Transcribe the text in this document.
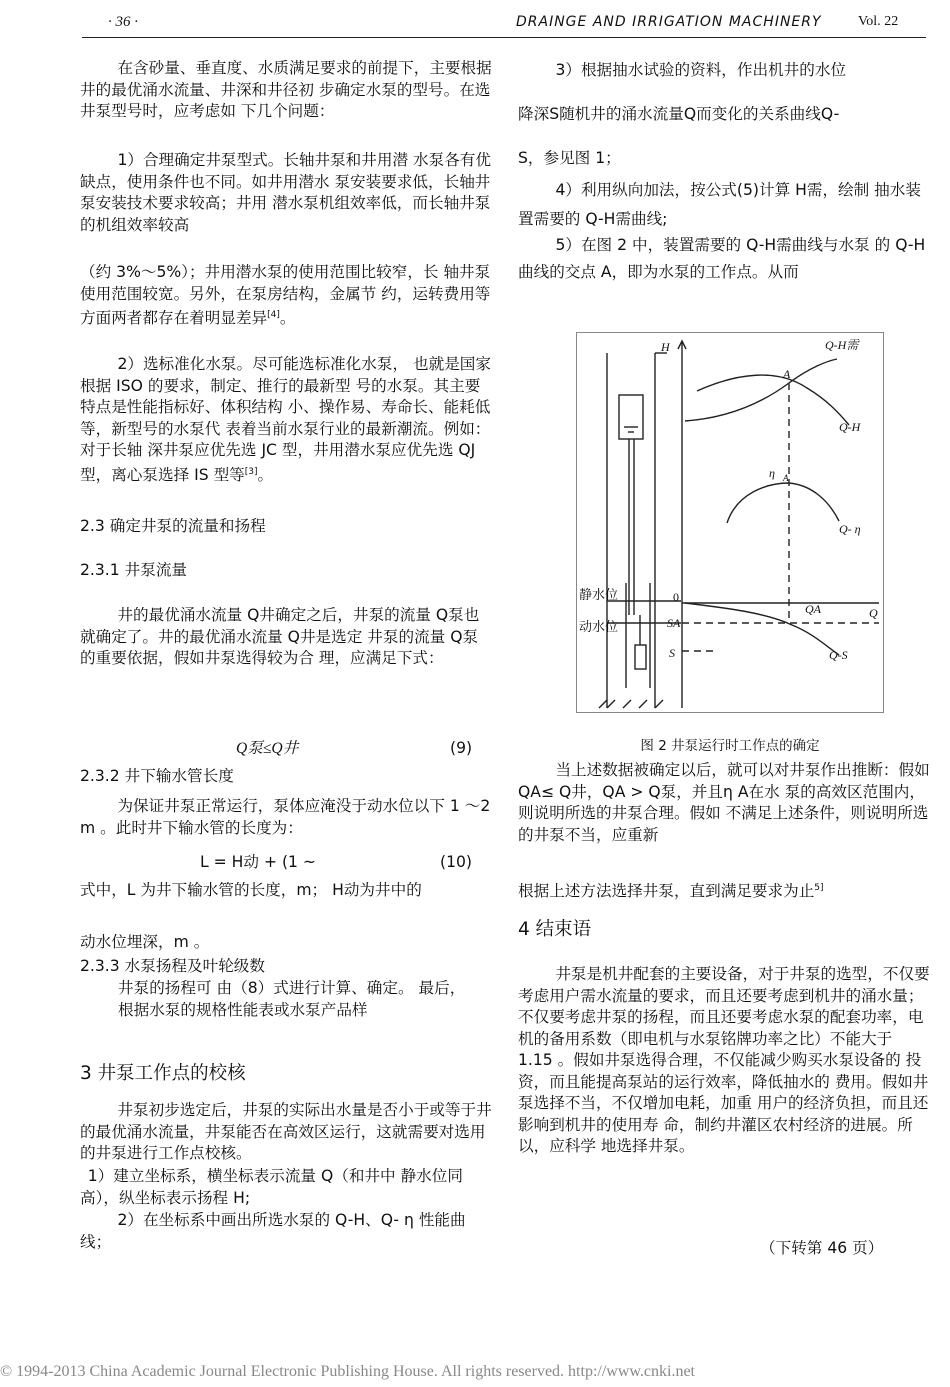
· 36 ·	DRAINGE AND IRRIGATION MACHINERY	Vol. 22
在含砂量、垂直度、水质满足要求的前提下，主要根据井的最优涌水流量、井深和井径初 步确定水泵的型号。在选井泵型号时，应考虑如 下几个问题：
1）合理确定井泵型式。长轴井泵和井用潜 水泵各有优缺点，使用条件也不同。如井用潜水 泵安装要求低，长轴井泵安装技术要求较高；井用 潜水泵机组效率低，而长轴井泵的机组效率较高
（约 3%～5%）；井用潜水泵的使用范围比较窄，长 轴井泵使用范围较宽。另外，在泵房结构，金属节 约，运转费用等方面两者都存在着明显差异[4]。
2）选标准化水泵。尽可能选标准化水泵， 也就是国家根据 ISO 的要求，制定、推行的最新型 号的水泵。其主要特点是性能指标好、体积结构 小、操作易、寿命长、能耗低等，新型号的水泵代 表着当前水泵行业的最新潮流。例如：对于长轴 深井泵应优先选 JC 型，井用潜水泵应优先选 QJ 型，离心泵选择 IS 型等[3]。
2.3 确定井泵的流量和扬程
2.3.1 井泵流量
井的最优涌水流量 Q井确定之后，井泵的流量 Q泵也就确定了。井的最优涌水流量 Q井是选定 井泵的流量 Q泵的重要依据，假如井泵选得较为合 理，应满足下式：
Q泵≤Q井	(9)
2.3.2 井下输水管长度
为保证井泵正常运行，泵体应淹没于动水位以下 1 ～2 m 。此时井下输水管的长度为：
L = H动 + (1 ~	(10)
式中，L 为井下输水管的长度，m； H动为井中的
动水位埋深，m 。
2.3.3 水泵扬程及叶轮级数
井泵的扬程可 由（8）式进行计算、确定。 最后，根据水泵的规格性能表或水泵产品样
3 井泵工作点的校核
井泵初步选定后，井泵的实际出水量是否小于或等于井的最优涌水流量，井泵能否在高效区运行，这就需要对选用的井泵进行工作点校核。
1）建立坐标系，横坐标表示流量 Q（和井中 静水位同高），纵坐标表示扬程 H;
2）在坐标系中画出所选水泵的 Q-H、Q- η 性能曲线；
3）根据抽水试验的资料，作出机井的水位
降深S随机井的涌水流量Q而变化的关系曲线Q-
S，参见图 1；
4）利用纵向加法，按公式(5)计算 H需，绘制 抽水装置需要的 Q-H需曲线;
5）在图 2 中，装置需要的 Q-H需曲线与水泵 的 Q-H 曲线的交点 A，即为水泵的工作点。从而
H	Q-H需
A
Q-H
η A
Q- η
静水位
动水位
0
QA	Q
SA
S	Q-S
图 2 井泵运行时工作点的确定
当上述数据被确定以后，就可以对井泵作出推断：假如 QA≤ Q井，QA > Q泵，并且η A在水 泵的高效区范围内，则说明所选的井泵合理。假如 不满足上述条件，则说明所选的井泵不当，应重新
根据上述方法选择井泵，直到满足要求为止$^{5]}$
4 结束语
井泵是机井配套的主要设备，对于井泵的选型，不仅要考虑用户需水流量的要求，而且还要考虑到机井的涌水量；不仅要考虑井泵的扬程，而且还要考虑水泵的配套功率，电机的备用系数（即电机与水泵铭牌功率之比）不能大于 1.15 。假如井泵选得合理，不仅能减少购买水泵设备的 投资，而且能提高泵站的运行效率，降低抽水的 费用。假如井泵选择不当，不仅增加电耗，加重 用户的经济负担，而且还影响到机井的使用寿 命，制约井灌区农村经济的进展。所以，应科学 地选择井泵。
（下转第 46 页）
© 1994-2013 China Academic Journal Electronic Publishing House. All rights reserved. http://www.cnki.net
